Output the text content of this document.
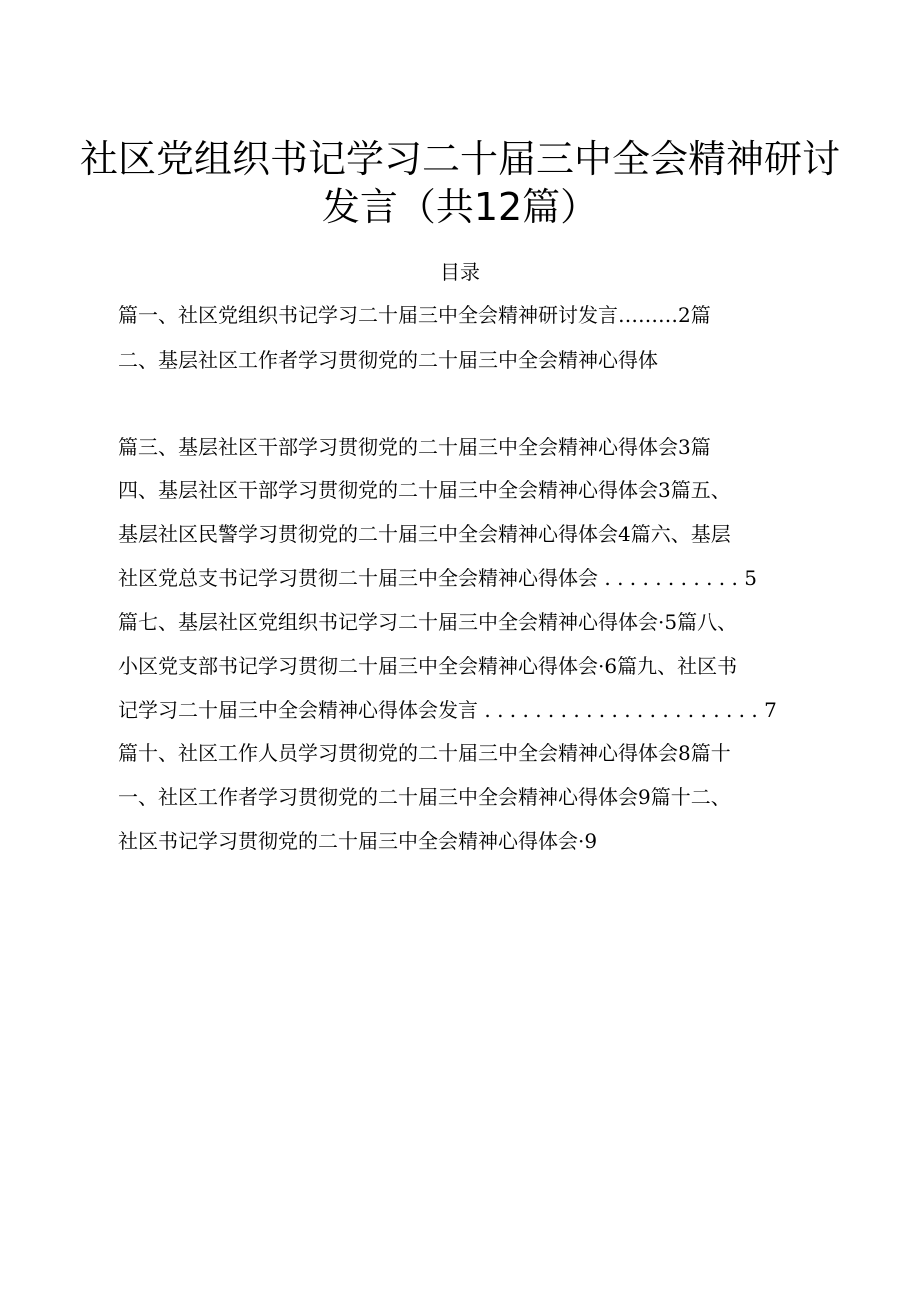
社区党组织书记学习二十届三中全会精神研讨
发言（共12篇）
目录
篇一、社区党组织书记学习二十届三中全会精神研讨发言………2篇
二、基层社区工作者学习贯彻党的二十届三中全会精神心得体
篇三、基层社区干部学习贯彻党的二十届三中全会精神心得体会3篇
四、基层社区干部学习贯彻党的二十届三中全会精神心得体会3篇五、
基层社区民警学习贯彻党的二十届三中全会精神心得体会4篇六、基层
社区党总支书记学习贯彻二十届三中全会精神心得体会 . . . . . . . . . . . 5
篇七、基层社区党组织书记学习二十届三中全会精神心得体会·5篇八、
小区党支部书记学习贯彻二十届三中全会精神心得体会·6篇九、社区书
记学习二十届三中全会精神心得体会发言 . . . . . . . . . . . . . . . . . . . . . . 7
篇十、社区工作人员学习贯彻党的二十届三中全会精神心得体会8篇十
一、社区工作者学习贯彻党的二十届三中全会精神心得体会9篇十二、
社区书记学习贯彻党的二十届三中全会精神心得体会·9
